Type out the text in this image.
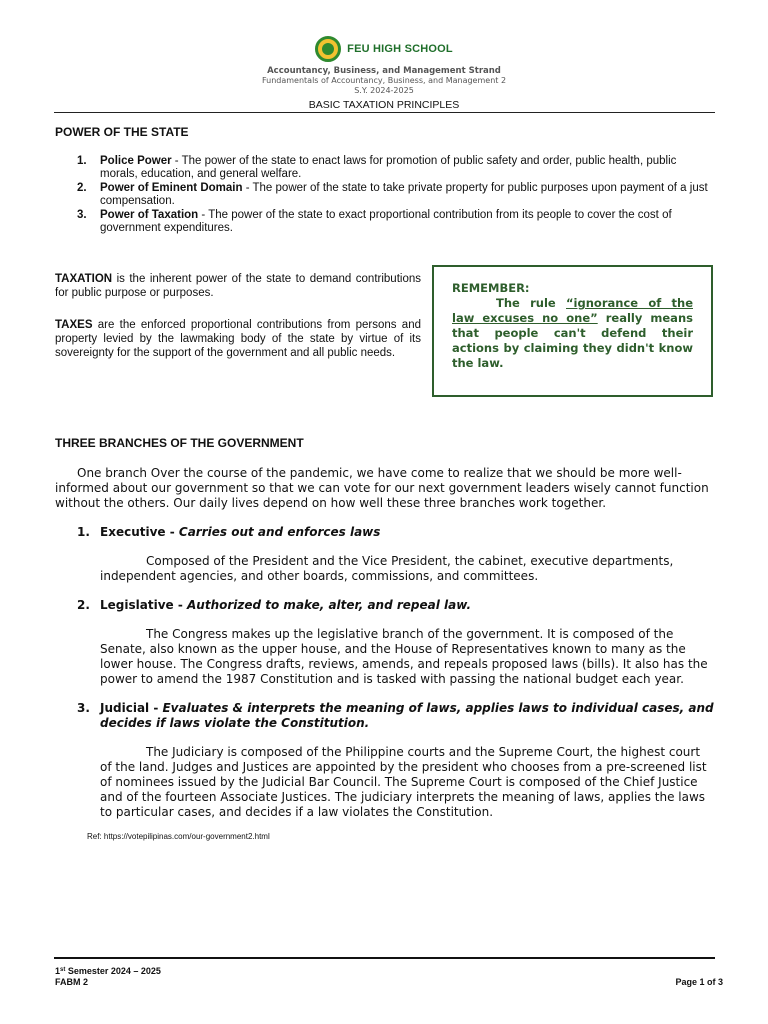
FEU HIGH SCHOOL
Accountancy, Business, and Management Strand
Fundamentals of Accountancy, Business, and Management 2
S.Y. 2024-2025
BASIC TAXATION PRINCIPLES
POWER OF THE STATE
1. Police Power - The power of the state to enact laws for promotion of public safety and order, public health, public morals, education, and general welfare.
2. Power of Eminent Domain - The power of the state to take private property for public purposes upon payment of a just compensation.
3. Power of Taxation - The power of the state to exact proportional contribution from its people to cover the cost of government expenditures.

TAXATION is the inherent power of the state to demand contributions for public purpose or purposes.

TAXES are the enforced proportional contributions from persons and property levied by the lawmaking body of the state by virtue of its sovereignty for the support of the government and all public needs.

REMEMBER:
The rule “ignorance of the law excuses no one” really means that people can't defend their actions by claiming they didn't know the law.
THREE BRANCHES OF THE GOVERNMENT

One branch Over the course of the pandemic, we have come to realize that we should be more well-informed about our government so that we can vote for our next government leaders wisely cannot function without the others. Our daily lives depend on how well these three branches work together.

1. Executive - Carries out and enforces laws

Composed of the President and the Vice President, the cabinet, executive departments, independent agencies, and other boards, commissions, and committees.

2. Legislative - Authorized to make, alter, and repeal law.

The Congress makes up the legislative branch of the government. It is composed of the Senate, also known as the upper house, and the House of Representatives known to many as the lower house. The Congress drafts, reviews, amends, and repeals proposed laws (bills). It also has the power to amend the 1987 Constitution and is tasked with passing the national budget each year.

3. Judicial - Evaluates & interprets the meaning of laws, applies laws to individual cases, and decides if laws violate the Constitution.

The Judiciary is composed of the Philippine courts and the Supreme Court, the highest court of the land. Judges and Justices are appointed by the president who chooses from a pre-screened list of nominees issued by the Judicial Bar Council. The Supreme Court is composed of the Chief Justice and of the fourteen Associate Justices. The judiciary interprets the meaning of laws, applies the laws to particular cases, and decides if a law violates the Constitution.

Ref: https://votepilipinas.com/our-government2.html
1st Semester 2024 – 2025
FABM 2	Page 1 of 3
